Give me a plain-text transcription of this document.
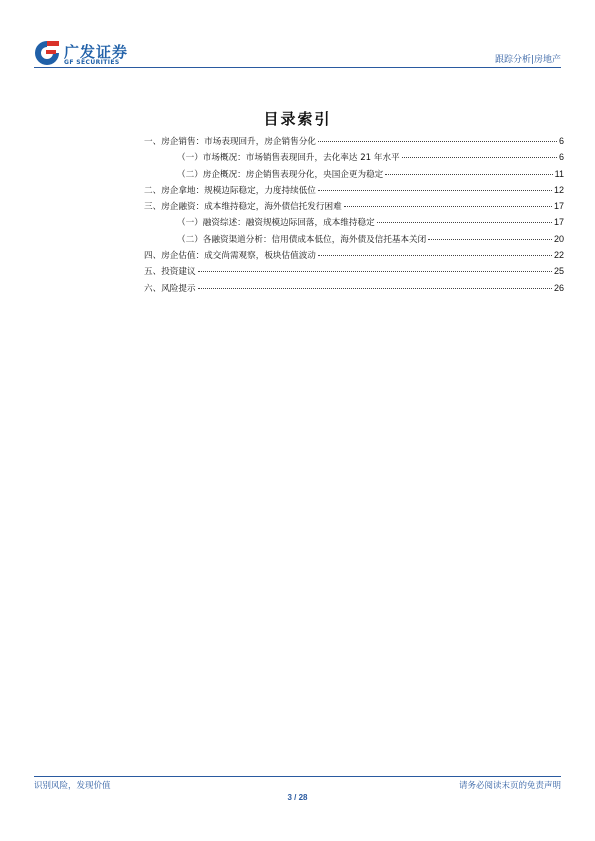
广发证券
GF SECURITIES	跟踪分析|房地产
目录索引
一、房企销售：市场表现回升，房企销售分化	6
（一）市场概况：市场销售表现回升，去化率达 21 年水平	6
（二）房企概况：房企销售表现分化，央国企更为稳定	11
二、房企拿地：规模边际稳定，力度持续低位	12
三、房企融资：成本维持稳定，海外债信托发行困难	17
（一）融资综述：融资规模边际回落，成本维持稳定	17
（二）各融资渠道分析：信用债成本低位，海外债及信托基本关闭	20
四、房企估值：成交尚需观察，板块估值波动	22
五、投资建议	25
六、风险提示	26
识别风险，发现价值	请务必阅读末页的免责声明
3 / 28
